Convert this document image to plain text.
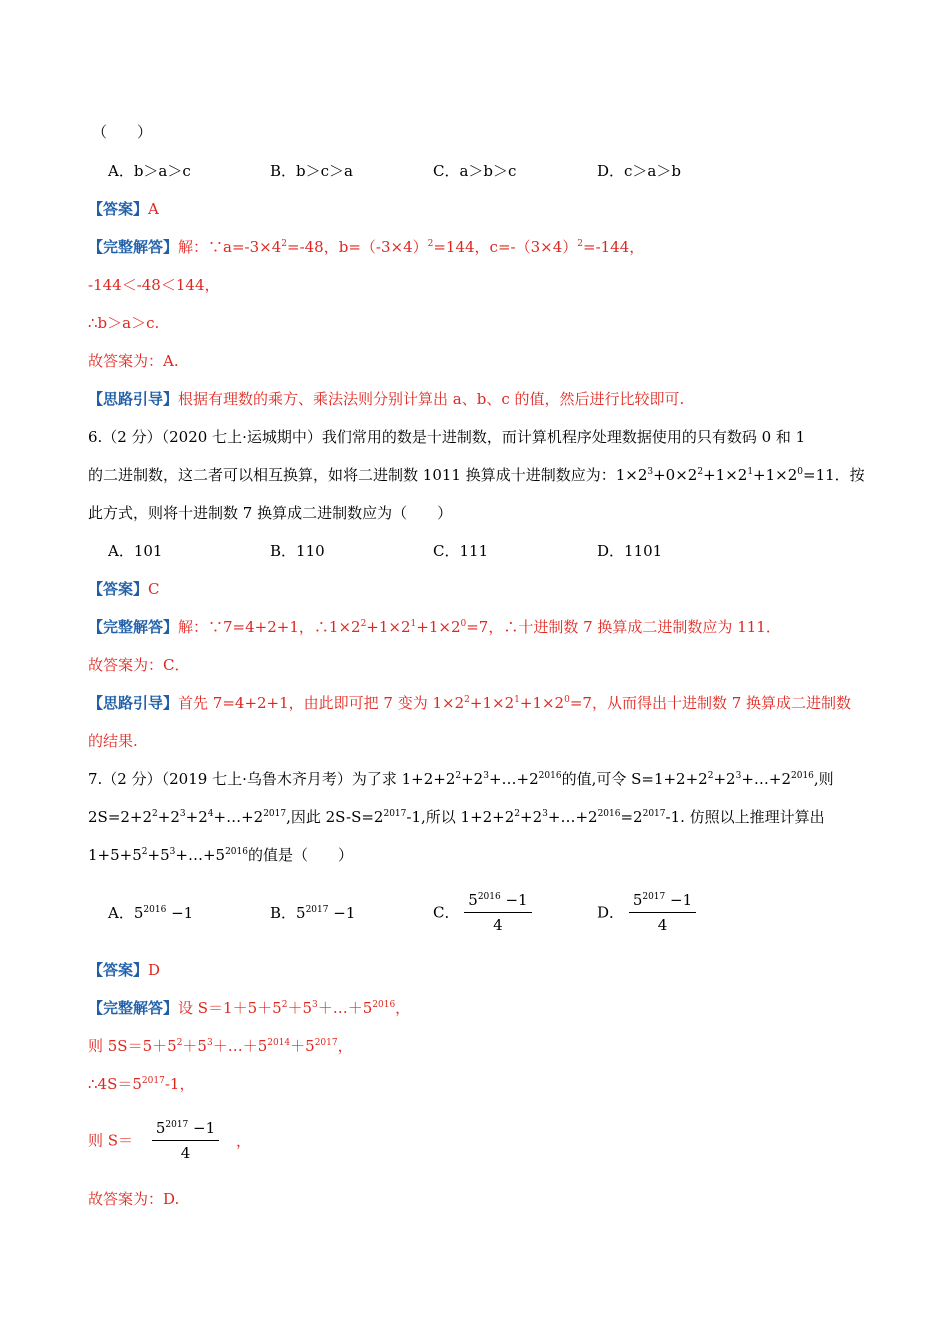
（　　）
A．b＞a＞c	B．b＞c＞a	C．a＞b＞c	D．c＞a＞b
【答案】A
【完整解答】解：$\because a=-3\times 4^2=-48$，$b=(-3\times 4)^2=144$，$c=-(3\times 4)^2=-144$，
-144＜-48＜144，
∴b＞a＞c.
故答案为：A.
【思路引导】根据有理数的乘方、乘法法则分别计算出 a、b、c 的值，然后进行比较即可.
6.（2 分）（2020 七上·运城期中）我们常用的数是十进制数，而计算机程序处理数据使用的只有数码 0 和 1
的二进制数，这二者可以相互换算，如将二进制数 1011 换算成十进制数应为：$1\times 2^3+0\times 2^2+1\times 2^1+1\times 2^0=11$．按
此方式，则将十进制数 7 换算成二进制数应为（　　）
A．101	B．110	C．111	D．1101
【答案】C
【完整解答】解：∵7=4+2+1，$\therefore 1\times 2^2+1\times 2^1+1\times 2^0=7$，∴十进制数 7 换算成二进制数应为 111．
故答案为：C．
【思路引导】首先 7=4+2+1，由此即可把 7 变为 $1\times 2^2+1\times 2^1+1\times 2^0=7$，从而得出十进制数 7 换算成二进制数
的结果.
7.（2 分）（2019 七上·乌鲁木齐月考）为了求 $1+2+2^2+2^3+\dots+2^{2016}$的值,可令 $S=1+2+2^2+2^3+\dots+2^{2016}$,则
$2S=2+2^2+2^3+2^4+\dots+2^{2017}$,因此 $2S-S=2^{2017}-1$,所以 $1+2+2^2+2^3+\dots+2^{2016}=2^{2017}-1$. 仿照以上推理计算出
$1+5+5^2+5^3+\dots+5^{2016}$的值是（　　）
A．$5^{2016} -1$	B．$5^{2017} -1$	C． $\frac{5^{2016} -1}{4}$	D． $\frac{5^{2017} -1}{4}$
【答案】D
【完整解答】设 $S=1+5+5^2+5^3+\dots+5^{2016}$，
则 $5S=5+5^2+5^3+\dots+5^{2014}+5^{2017}$，
$\therefore 4S=5^{2017}-1$，
则 $S= \frac{5^{2017} -1}{4}$ ，
故答案为：D.
